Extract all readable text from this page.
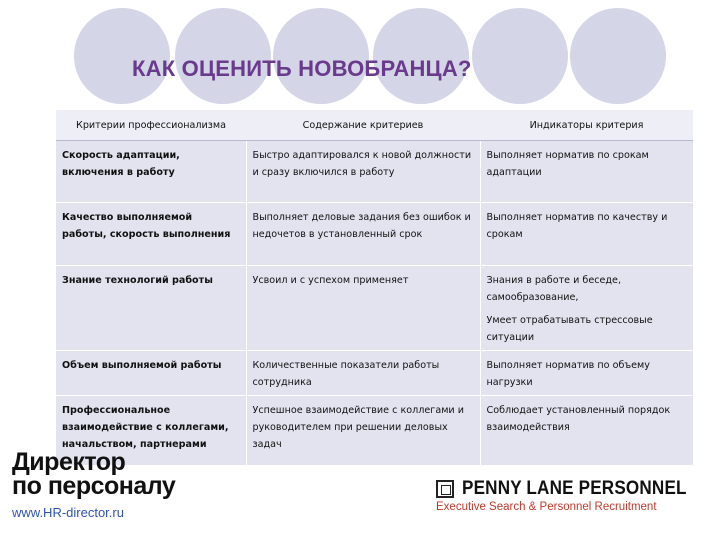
КАК ОЦЕНИТЬ НОВОБРАНЦА?
Критерии профессионализма	Содержание критериев	Индикаторы критерия
Скорость адаптации, включения в работу	Быстро адаптировался к новой должности и сразу включился в работу	Выполняет норматив по срокам адаптации

Качество выполняемой работы, скорость выполнения	Выполняет деловые задания без ошибок и недочетов в установленный срок	Выполняет норматив по качеству и срокам

Знание технологий работы	Усвоил и с успехом применяет	Знания в работе и беседе, самообразование,
Умеет отрабатывать стрессовые ситуации

Объем выполняемой работы	Количественные показатели работы сотрудника	Выполняет норматив по объему нагрузки

Профессиональное взаимодействие с коллегами, начальством, партнерами	Успешное взаимодействие с коллегами и руководителем при решении деловых задач	Соблюдает установленный порядок взаимодействия
Директор
по персоналу
www.HR-director.ru
PENNY LANE PERSONNEL
Executive Search & Personnel Recruitment
